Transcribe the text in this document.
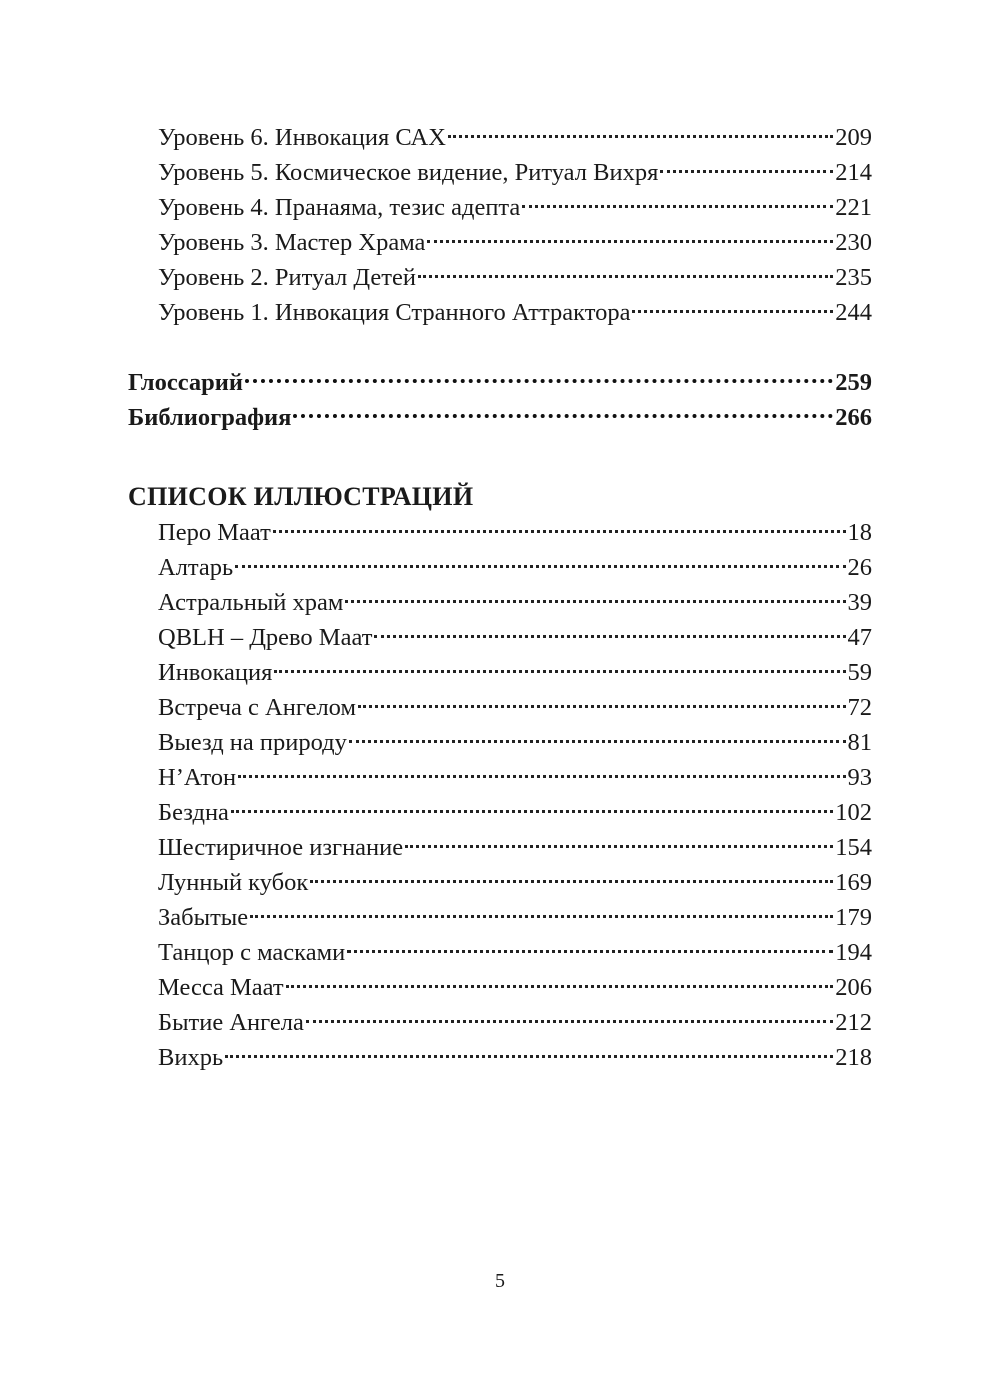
Уровень 6. Инвокация САХ	209
Уровень 5. Космическое видение, Ритуал Вихря	214
Уровень 4. Пранаяма, тезис адепта	221
Уровень 3. Мастер Храма	230
Уровень 2. Ритуал Детей	235
Уровень 1. Инвокация Странного Аттрактора	244
Глоссарий	259
Библиография	266
СПИСОК ИЛЛЮСТРАЦИЙ
Перо Маат	18
Алтарь	26
Астральный храм	39
QBLH – Древо Маат	47
Инвокация	59
Встреча с Ангелом	72
Выезд на природу	81
Н’Атон	93
Бездна	102
Шестиричное изгнание	154
Лунный кубок	169
Забытые	179
Танцор с масками	194
Месса Маат	206
Бытие Ангела	212
Вихрь	218
5
